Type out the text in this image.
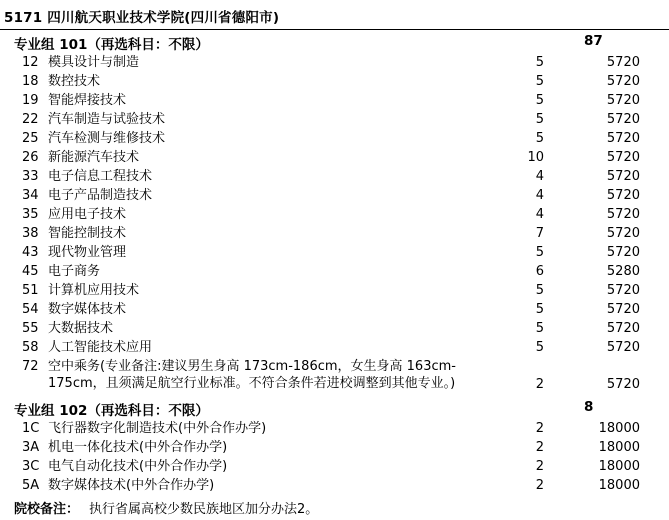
5171 四川航天职业技术学院(四川省德阳市)
专业组 101（再选科目：不限）	87
12 模具设计与制造	5	5720
18 数控技术	5	5720
19 智能焊接技术	5	5720
22 汽车制造与试验技术	5	5720
25 汽车检测与维修技术	5	5720
26 新能源汽车技术	10	5720
33 电子信息工程技术	4	5720
34 电子产品制造技术	4	5720
35 应用电子技术	4	5720
38 智能控制技术	7	5720
43 现代物业管理	5	5720
45 电子商务	6	5280
51 计算机应用技术	5	5720
54 数字媒体技术	5	5720
55 大数据技术	5	5720
58 人工智能技术应用	5	5720
72 空中乘务(专业备注:建议男生身高 173cm-186cm，女生身高 163cm-175cm，且须满足航空行业标准。不符合条件若进校调整到其他专业。)	2	5720
专业组 102（再选科目：不限）	8
1C 飞行器数字化制造技术(中外合作办学)	2	18000
3A 机电一体化技术(中外合作办学)	2	18000
3C 电气自动化技术(中外合作办学)	2	18000
5A 数字媒体技术(中外合作办学)	2	18000
院校备注： 执行省属高校少数民族地区加分办法2。
